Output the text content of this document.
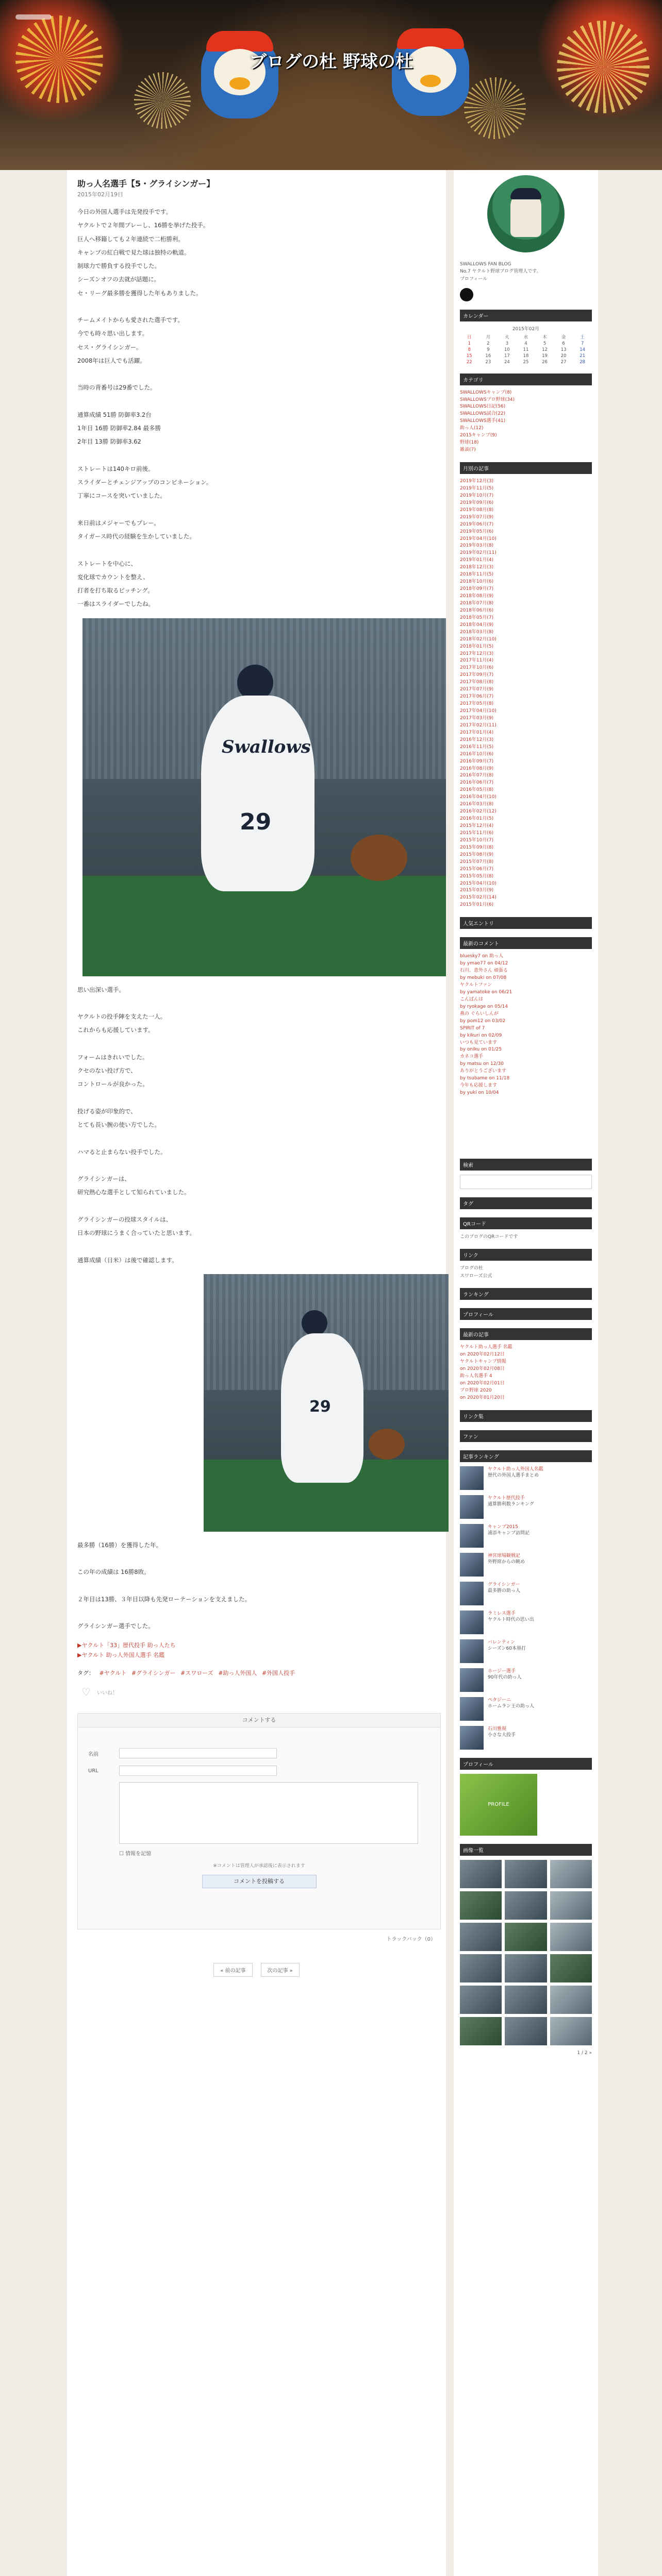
ブログの杜 野球の杜
助っ人名選手【5・グライシンガー】
2015年02月19日

今日の外国人選手は先発投手です。

ヤクルトで２年間プレーし、16勝を挙げた投手。

巨人へ移籍しても２年連続で二桁勝利。

キャンプの紅白戦で見た球は独特の軌道。

制球力で勝負する投手でした。

シーズンオフの去就が話題に。

セ・リーグ最多勝を獲得した年もありました。

チームメイトからも愛された選手です。

今でも時々思い出します。

セス・グライシンガー。

2008年は巨人でも活躍。

当時の背番号は29番でした。

通算成績 51勝 防御率3.2台

1年目 16勝 防御率2.84 最多勝

2年目 13勝 防御率3.62

ストレートは140キロ前後。

スライダーとチェンジアップのコンビネーション。

丁寧にコースを突いていました。

来日前はメジャーでもプレー。

タイガース時代の経験を生かしていました。

ストレートを中心に、

変化球でカウントを整え、

打者を打ち取るピッチング。

一番はスライダーでしたね。

Swallows
29

思い出深い選手。

ヤクルトの投手陣を支えた一人。

これからも応援しています。

フォームはきれいでした。

クセのない投げ方で、

コントロールが良かった。

投げる姿が印象的で、

とても長い腕の使い方でした。

ハマると止まらない投手でした。

グライシンガーは、

研究熱心な選手として知られていました。

グライシンガーの投球スタイルは、

日本の野球にうまく合っていたと思います。

通算成績（日米）は後で確認します。

29

最多勝（16勝）を獲得した年。

この年の成績は 16勝8敗。

２年目は13勝、３年目以降も先発ローテーションを支えました。

グライシンガー選手でした。

▶ヤクルト「33」歴代投手 助っ人たち
▶ヤクルト 助っ人外国人選手 名鑑
タグ： #ヤクルト #グライシンガー #スワローズ #助っ人外国人 #外国人投手
♡	いいね！
コメントする
名前
URL
☐ 情報を記憶
※コメントは管理人が承認後に表示されます
コメントを投稿する
トラックバック（0）
« 前の記事	次の記事 »
SWALLOWS FAN BLOG
No.7 ヤクルト野球ブログ管理人です。
プロフィール
カレンダー
2015年02月
日	月	火	水	木	金	土
1	2	3	4	5	6	7
8	9	10	11	12	13	14
15	16	17	18	19	20	21
22	23	24	25	26	27	28
カテゴリ
SWALLOWSキャンプ(8)
SWALLOWSプロ野球(34)
SWALLOWS日記(56)
SWALLOWS試合(22)
SWALLOWS選手(41)
助っ人(12)
2015キャンプ(9)
野球(18)
雑談(7)
月別の記事
2019年12月(3)
2019年11月(5)
2019年10月(7)
2019年09月(6)
2019年08月(8)
2019年07月(9)
2019年06月(7)
2019年05月(6)
2019年04月(10)
2019年03月(8)
2019年02月(11)
2019年01月(4)
2018年12月(3)
2018年11月(5)
2018年10月(6)
2018年09月(7)
2018年08月(9)
2018年07月(8)
2018年06月(6)
2018年05月(7)
2018年04月(9)
2018年03月(8)
2018年02月(10)
2018年01月(5)
2017年12月(3)
2017年11月(4)
2017年10月(6)
2017年09月(7)
2017年08月(8)
2017年07月(9)
2017年06月(7)
2017年05月(8)
2017年04月(10)
2017年03月(9)
2017年02月(11)
2017年01月(4)
2016年12月(3)
2016年11月(5)
2016年10月(6)
2016年09月(7)
2016年08月(9)
2016年07月(8)
2016年06月(7)
2016年05月(8)
2016年04月(10)
2016年03月(8)
2016年02月(12)
2016年01月(5)
2015年12月(4)
2015年11月(6)
2015年10月(7)
2015年09月(8)
2015年08月(9)
2015年07月(8)
2015年06月(7)
2015年05月(8)
2015年04月(10)
2015年03月(9)
2015年02月(14)
2015年01月(6)
人気エントリ
最新のコメント
bluesky7 on 助っ人
by ymao77 on 04/12
石川、意外さん 頑張る
by mebuki on 07/08
ヤクルトファン
by yamatoke on 06/21
こんばんは
by ryokage on 05/14
燕の ぐらいしんが
by pom12 on 03/02
SPIRIT of 7
by kikuri on 02/09
いつも見ています
by oniku on 01/25
カネコ選手
by matsu on 12/30
ありがとうございます
by tsubame on 11/18
今年も応援します
by yuki on 10/04
検索
タグ
QRコード
このブログのQRコードです
リンク
ブログの杜
スワローズ公式
ランキング
プロフィール
最新の記事
ヤクルト助っ人選手 名鑑
on 2020年02月12日
ヤクルトキャンプ情報
on 2020年02月08日
助っ人名選手 4
on 2020年02月01日
プロ野球 2020
on 2020年01月20日
リンク集
ファン
記事ランキング
ヤクルト助っ人外国人名鑑
歴代の外国人選手まとめ
ヤクルト歴代投手
通算勝利数ランキング
キャンプ2015
浦添キャンプ訪問記
神宮球場観戦記
外野席からの眺め
グライシンガー
最多勝の助っ人
ラミレス選手
ヤクルト時代の思い出
バレンティン
シーズン60本塁打
ホージー選手
90年代の助っ人
ペタジーニ
ホームラン王の助っ人
石川雅規
小さな大投手
プロフィール
PROFILE
画像一覧
1 / 2 »
